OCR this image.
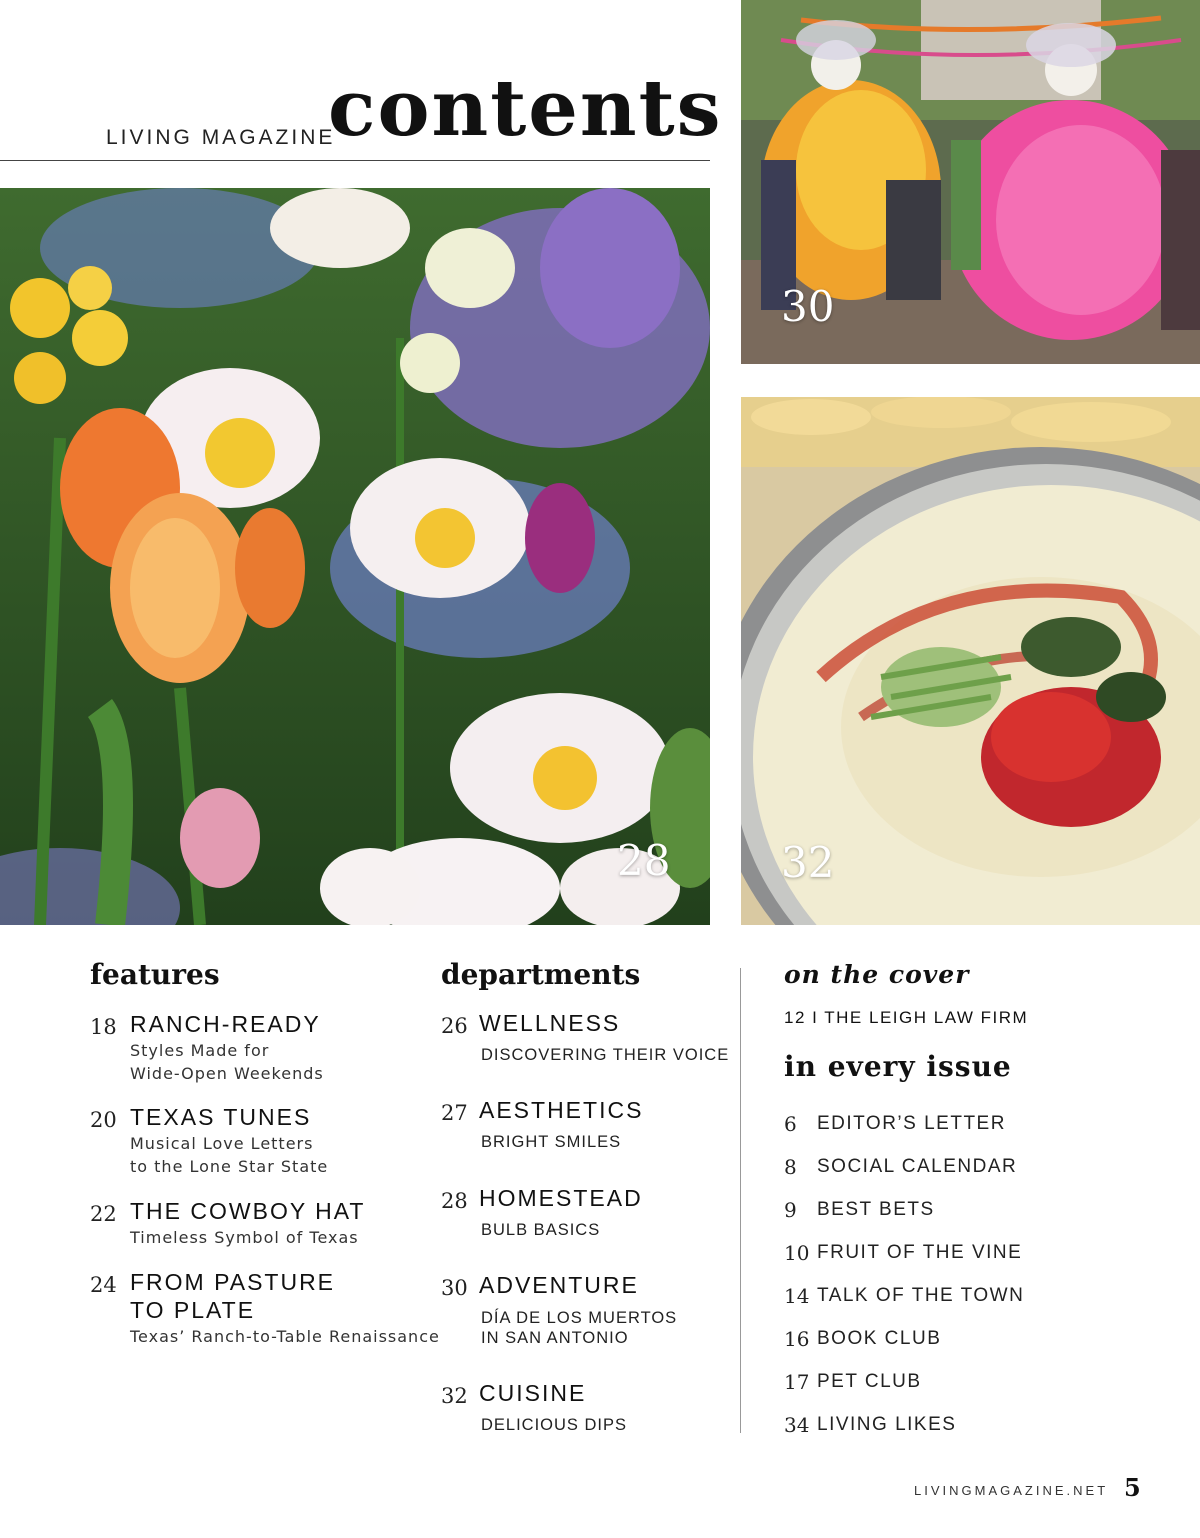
LIVING MAGAZINE
contents
28
30
32
features
18 RANCH-READY
Styles Made for
Wide-Open Weekends
20 TEXAS TUNES
Musical Love Letters
to the Lone Star State
22 THE COWBOY HAT
Timeless Symbol of Texas
24 FROM PASTURE
TO PLATE
Texas’ Ranch-to-Table Renaissance
departments
26 WELLNESS
DISCOVERING THEIR VOICE
27 AESTHETICS
BRIGHT SMILES
28 HOMESTEAD
BULB BASICS
30 ADVENTURE
DÍA DE LOS MUERTOS
IN SAN ANTONIO
32 CUISINE
DELICIOUS DIPS
on the cover
12 I THE LEIGH LAW FIRM
in every issue
6	EDITOR’S LETTER
8	SOCIAL CALENDAR
9	BEST BETS
10 FRUIT OF THE VINE
14 TALK OF THE TOWN
16 BOOK CLUB
17 PET CLUB
34 LIVING LIKES
LIVINGMAGAZINE.NET 5
